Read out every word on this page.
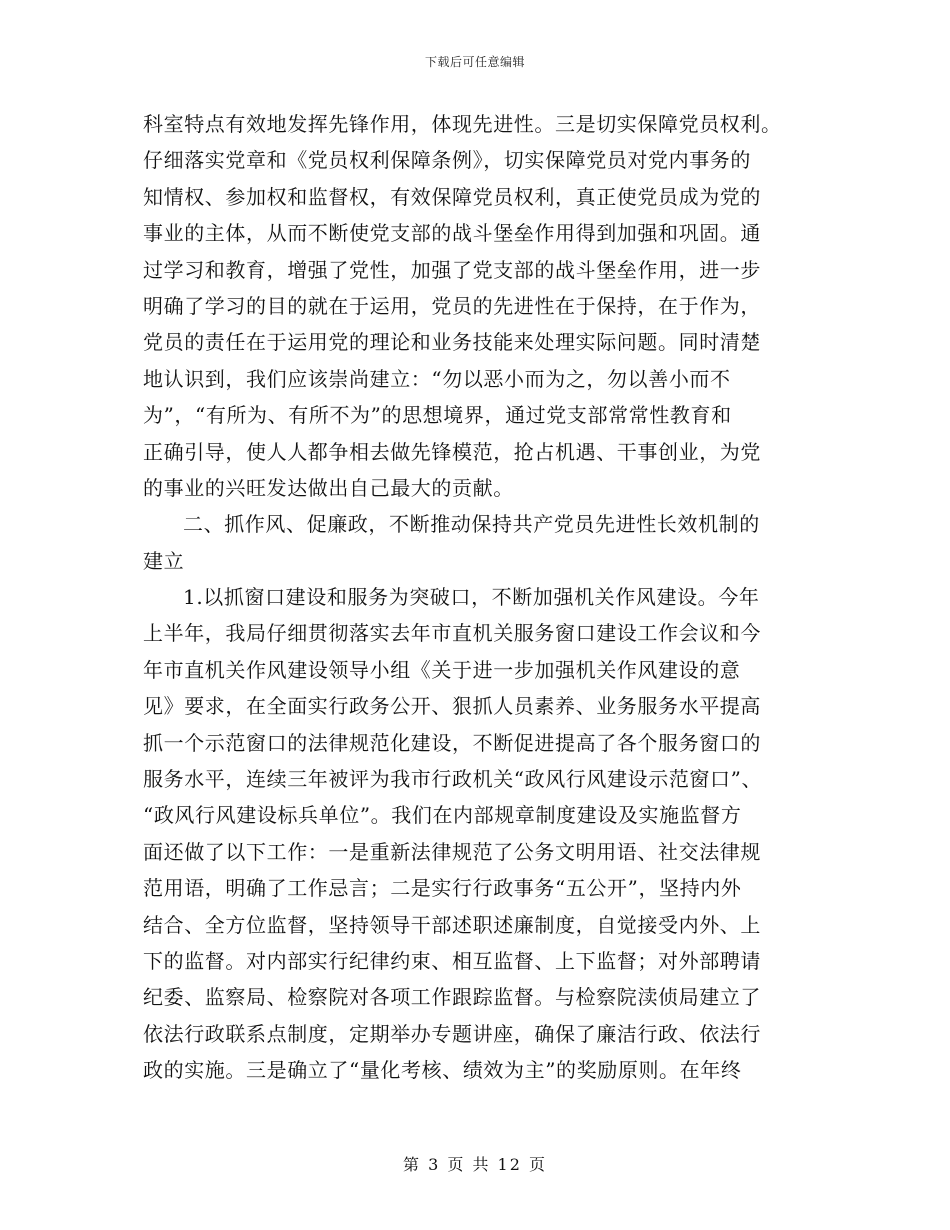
下载后可任意编辑
科室特点有效地发挥先锋作用，体现先进性。三是切实保障党员权利。
仔细落实党章和《党员权利保障条例》，切实保障党员对党内事务的
知情权、参加权和监督权，有效保障党员权利，真正使党员成为党的
事业的主体，从而不断使党支部的战斗堡垒作用得到加强和巩固。通
过学习和教育，增强了党性，加强了党支部的战斗堡垒作用，进一步
明确了学习的目的就在于运用，党员的先进性在于保持，在于作为，
党员的责任在于运用党的理论和业务技能来处理实际问题。同时清楚
地认识到，我们应该崇尚建立：“勿以恶小而为之，勿以善小而不
为”，“有所为、有所不为”的思想境界，通过党支部常常性教育和
正确引导，使人人都争相去做先锋模范，抢占机遇、干事创业，为党
的事业的兴旺发达做出自己最大的贡献。
二、抓作风、促廉政，不断推动保持共产党员先进性长效机制的
建立
1.以抓窗口建设和服务为突破口，不断加强机关作风建设。今年
上半年，我局仔细贯彻落实去年市直机关服务窗口建设工作会议和今
年市直机关作风建设领导小组《关于进一步加强机关作风建设的意
见》要求，在全面实行政务公开、狠抓人员素养、业务服务水平提高
抓一个示范窗口的法律规范化建设，不断促进提高了各个服务窗口的
服务水平，连续三年被评为我市行政机关“政风行风建设示范窗口”、
“政风行风建设标兵单位”。我们在内部规章制度建设及实施监督方
面还做了以下工作：一是重新法律规范了公务文明用语、社交法律规
范用语，明确了工作忌言；二是实行行政事务“五公开”，坚持内外
结合、全方位监督，坚持领导干部述职述廉制度，自觉接受内外、上
下的监督。对内部实行纪律约束、相互监督、上下监督；对外部聘请
纪委、监察局、检察院对各项工作跟踪监督。与检察院渎侦局建立了
依法行政联系点制度，定期举办专题讲座，确保了廉洁行政、依法行
政的实施。三是确立了“量化考核、绩效为主”的奖励原则。在年终
第 3 页 共 12 页
